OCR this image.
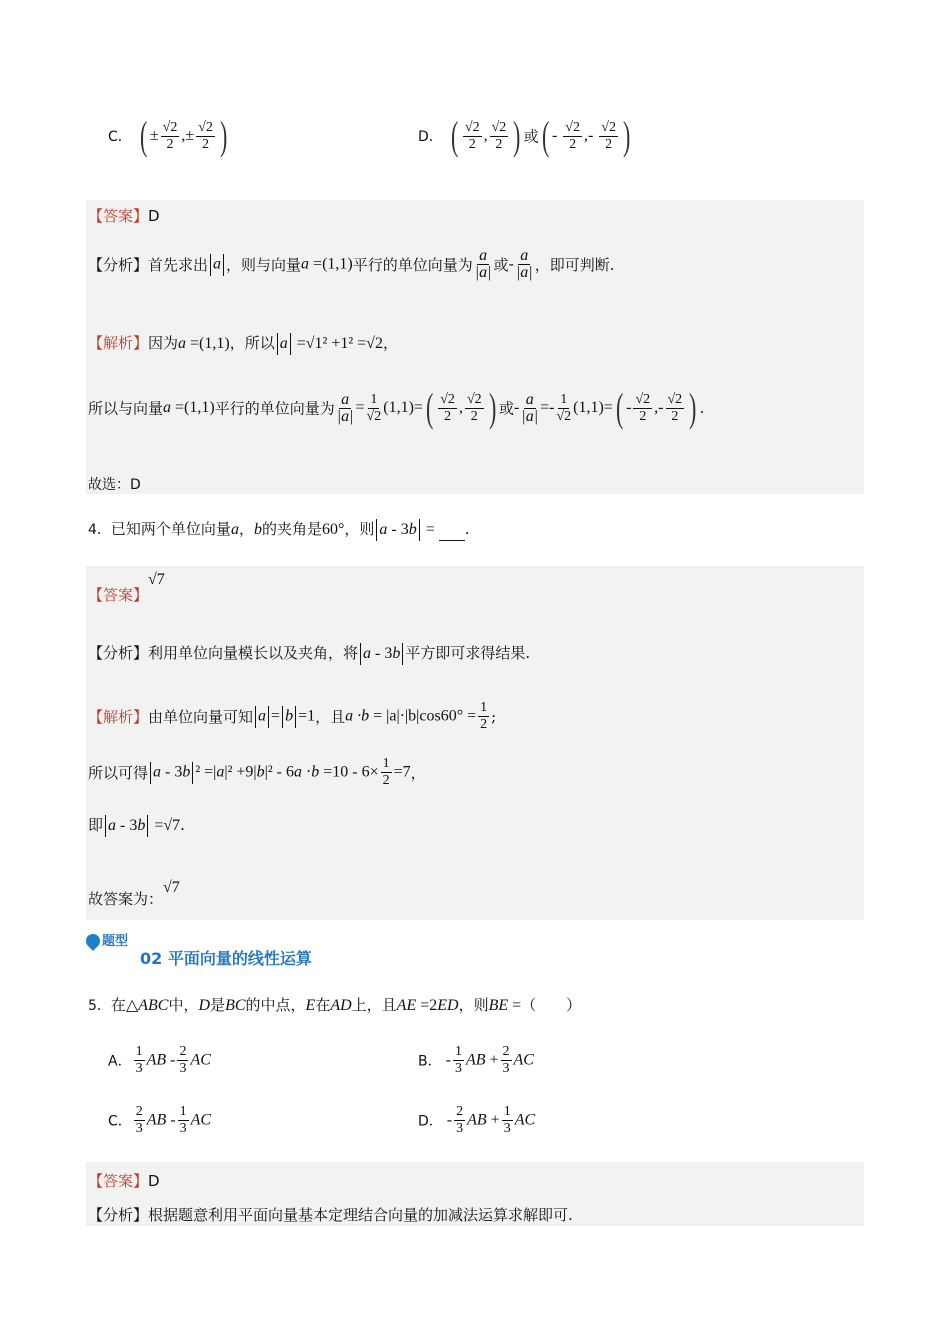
C． ( ± $\frac{√2}{2}$ ,± $\frac{√2}{2}$ )	D． ( $\frac{√2}{2}$ , $\frac{√2}{2}$ ) 或( - $\frac{√2}{2}$ ,- $\frac{√2}{2}$ )
【答案】D
【分析】首先求出 a ，则与向量a =(1,1)平行的单位向量为 $\frac{a}{|a|}$ 或- $\frac{a}{|a|}$ ，即可判断.
【解析】因为a =(1,1)，所以 a =√1² +1² =√2，
所以与向量a =(1,1)平行的单位向量为 $\frac{a}{|a|} = \frac{1}{√2} (1,1)=( \frac{√2}{2}$ , $\frac{√2}{2}$ ) 或- $\frac{a}{|a|} =- \frac{1}{√2} (1,1)=( - \frac{√2}{2}$ ,- $\frac{√2}{2}$ ) .
故选：D
4．已知两个单位向量a，b的夹角是60°，则 a - 3b = .
【答案】√7
【分析】利用单位向量模长以及夹角，将 a - 3b 平方即可求得结果.
【解析】由单位向量可知 a = b =1，且$a \cdot b = |a|\cdot|b|\cos 60^\circ = \frac{1}{2}$ ;
所以可得 a - 3b $^2 =|a|^2 +9|b|^2 - 6a \cdot b =10 - 6\times \frac{1}{2} =7$，
即 a - 3b =√7.
故答案为：√7
题型
02 平面向量的线性运算
5．在△ABC中，D是BC的中点，E在AD上，且AE =2ED，则BE =（　　）
A． $\frac{1}{3}$ AB - $\frac{2}{3}$ AC	B． - $\frac{1}{3}$ AB + $\frac{2}{3}$ AC
C． $\frac{2}{3}$ AB - $\frac{1}{3}$ AC	D． - $\frac{2}{3}$ AB + $\frac{1}{3}$ AC
【答案】D
【分析】根据题意利用平面向量基本定理结合向量的加减法运算求解即可.
